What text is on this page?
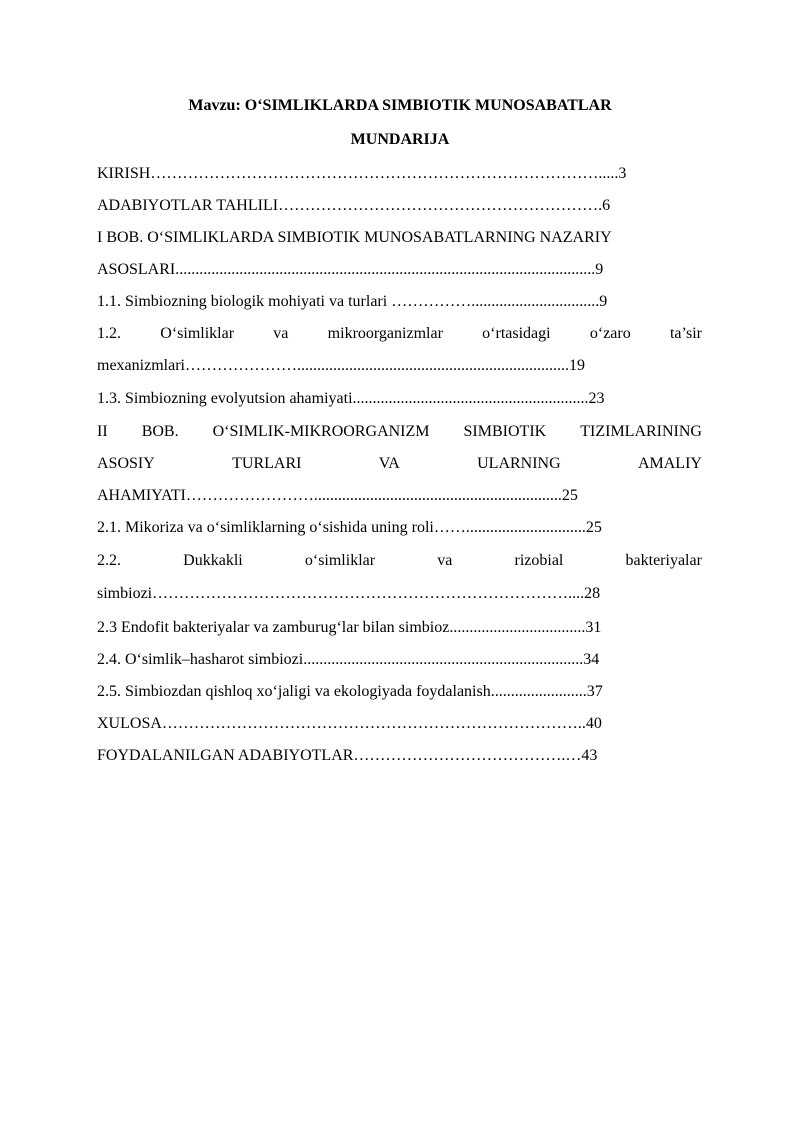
Mavzu: O‘SIMLIKLARDA SIMBIOTIK MUNOSABATLAR
MUNDARIJA
KIRISH………………………………………………………………………….....3
ADABIYOTLAR TAHLILI…………………………………………………….6
I BOB. O‘SIMLIKLARDA SIMBIOTIK MUNOSABATLARNING NAZARIY
ASOSLARI.........................................................................................................9
1.1. Simbiozning biologik mohiyati va turlari ……………................................9
1.2. O‘simliklar va mikroorganizmlar o‘rtasidagi o‘zaro ta’sir
mexanizmlari…………………....................................................................19
1.3. Simbiozning evolyutsion ahamiyati...........................................................23
II BOB. O‘SIMLIK-MIKROORGANIZM SIMBIOTIK TIZIMLARINING
ASOSIY	TURLARI	VA	ULARNING	AMALIY
AHAMIYATI……………………..............................................................25
2.1. Mikoriza va o‘simliklarning o‘sishida uning roli……..............................25
2.2.	Dukkakli	o‘simliklar	va	rizobial	bakteriyalar
simbiozi……………………………………………………………………....28
2.3 Endofit bakteriyalar va zamburug‘lar bilan simbioz..................................31
2.4. O‘simlik–hasharot simbiozi......................................................................34
2.5. Simbiozdan qishloq xo‘jaligi va ekologiyada foydalanish........................37
XULOSA……………………………………………………………………..40
FOYDALANILGAN ADABIYOTLAR………………………………….…43
